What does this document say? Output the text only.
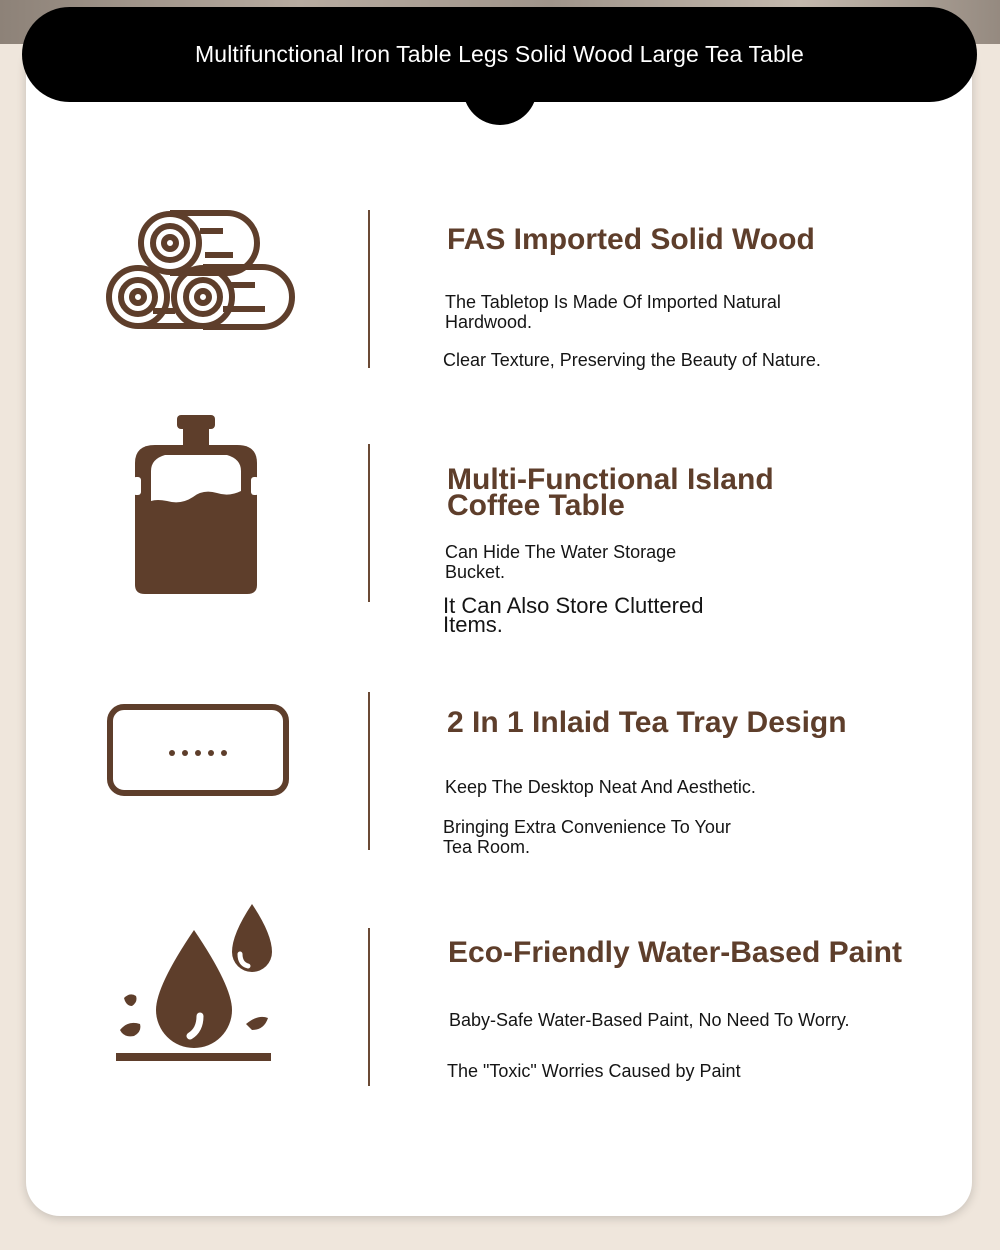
Multifunctional Iron Table Legs Solid Wood Large Tea Table

FAS Imported Solid Wood

The Tabletop Is Made Of Imported Natural Hardwood.

Clear Texture, Preserving the Beauty of Nature.

Multi-Functional Island Coffee Table

Can Hide The Water Storage Bucket.

It Can Also Store Cluttered Items.

2 In 1 Inlaid Tea Tray Design

Keep The Desktop Neat And Aesthetic.

Bringing Extra Convenience To Your Tea Room.

Eco-Friendly Water-Based Paint

Baby-Safe Water-Based Paint, No Need To Worry.

The "Toxic" Worries Caused by Paint
